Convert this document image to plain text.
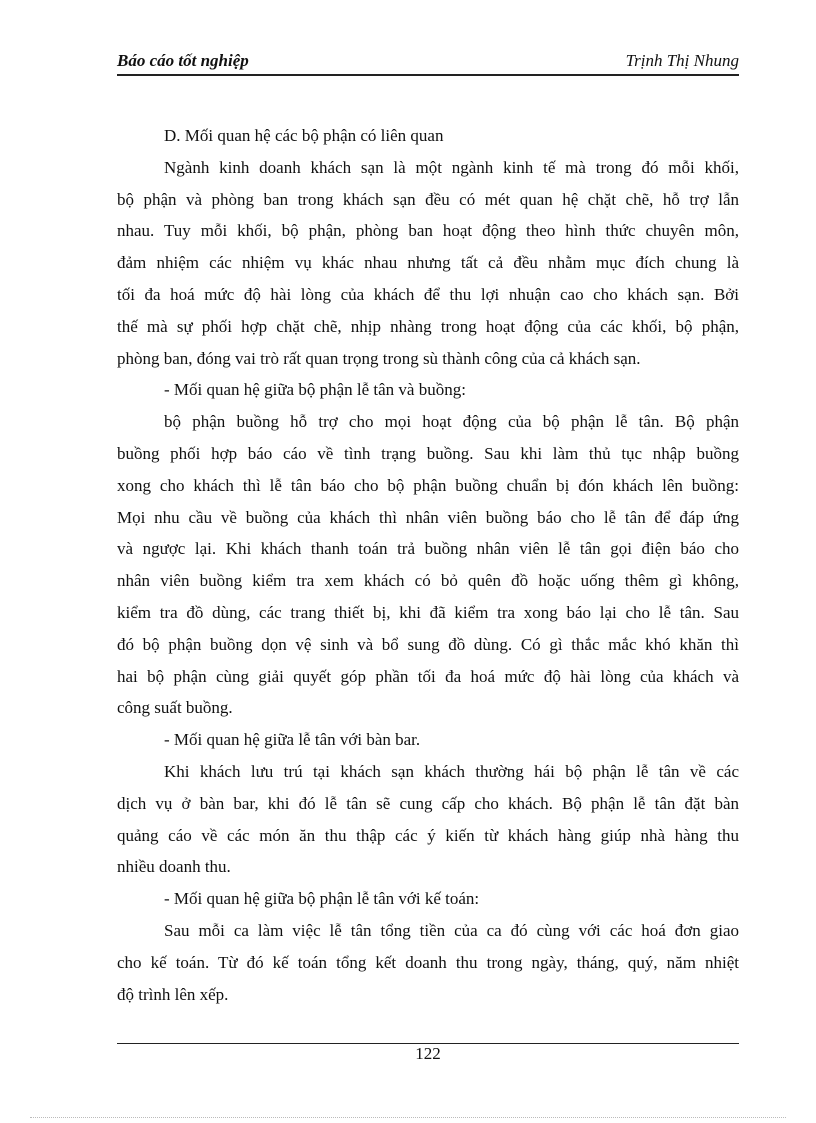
Báo cáo tốt nghiệp	Trịnh Thị Nhung
D. Mối quan hệ các bộ phận có liên quan
Ngành kinh doanh khách sạn là một ngành kinh tế mà trong đó mỗi khối,
bộ phận và phòng ban trong khách sạn đều có mét quan hệ chặt chẽ, hỗ trợ lẫn
nhau. Tuy mỗi khối, bộ phận, phòng ban hoạt động theo hình thức chuyên môn,
đảm nhiệm các nhiệm vụ khác nhau nhưng tất cả đều nhằm mục đích chung là
tối đa hoá mức độ hài lòng của khách để thu lợi nhuận cao cho khách sạn. Bởi
thế mà sự phối hợp chặt chẽ, nhịp nhàng trong hoạt động của các khối, bộ phận,
phòng ban, đóng vai trò rất quan trọng trong sù thành công của cả khách sạn.
- Mối quan hệ giữa bộ phận lễ tân và buồng:
bộ phận buồng hỗ trợ cho mọi hoạt động của bộ phận lễ tân. Bộ phận
buồng phối hợp báo cáo về tình trạng buồng. Sau khi làm thủ tục nhập buồng
xong cho khách thì lễ tân báo cho bộ phận buồng chuẩn bị đón khách lên buồng:
Mọi nhu cầu về buồng của khách thì nhân viên buồng báo cho lễ tân để đáp ứng
và ngược lại. Khi khách thanh toán trả buồng nhân viên lễ tân gọi điện báo cho
nhân viên buồng kiểm tra xem khách có bỏ quên đồ hoặc uống thêm gì không,
kiểm tra đồ dùng, các trang thiết bị, khi đã kiểm tra xong báo lại cho lễ tân. Sau
đó bộ phận buồng dọn vệ sinh và bổ sung đồ dùng. Có gì thắc mắc khó khăn thì
hai bộ phận cùng giải quyết góp phần tối đa hoá mức độ hài lòng của khách và
công suất buồng.
- Mối quan hệ giữa lễ tân với bàn bar.
Khi khách lưu trú tại khách sạn khách thường hái bộ phận lễ tân về các
dịch vụ ở bàn bar, khi đó lễ tân sẽ cung cấp cho khách. Bộ phận lễ tân đặt bàn
quảng cáo về các món ăn thu thập các ý kiến từ khách hàng giúp nhà hàng thu
nhiều doanh thu.
- Mối quan hệ giữa bộ phận lễ tân với kế toán:
Sau mỗi ca làm việc lễ tân tổng tiền của ca đó cùng với các hoá đơn giao
cho kế toán. Từ đó kế toán tổng kết doanh thu trong ngày, tháng, quý, năm nhiệt
độ trình lên xếp.
122
